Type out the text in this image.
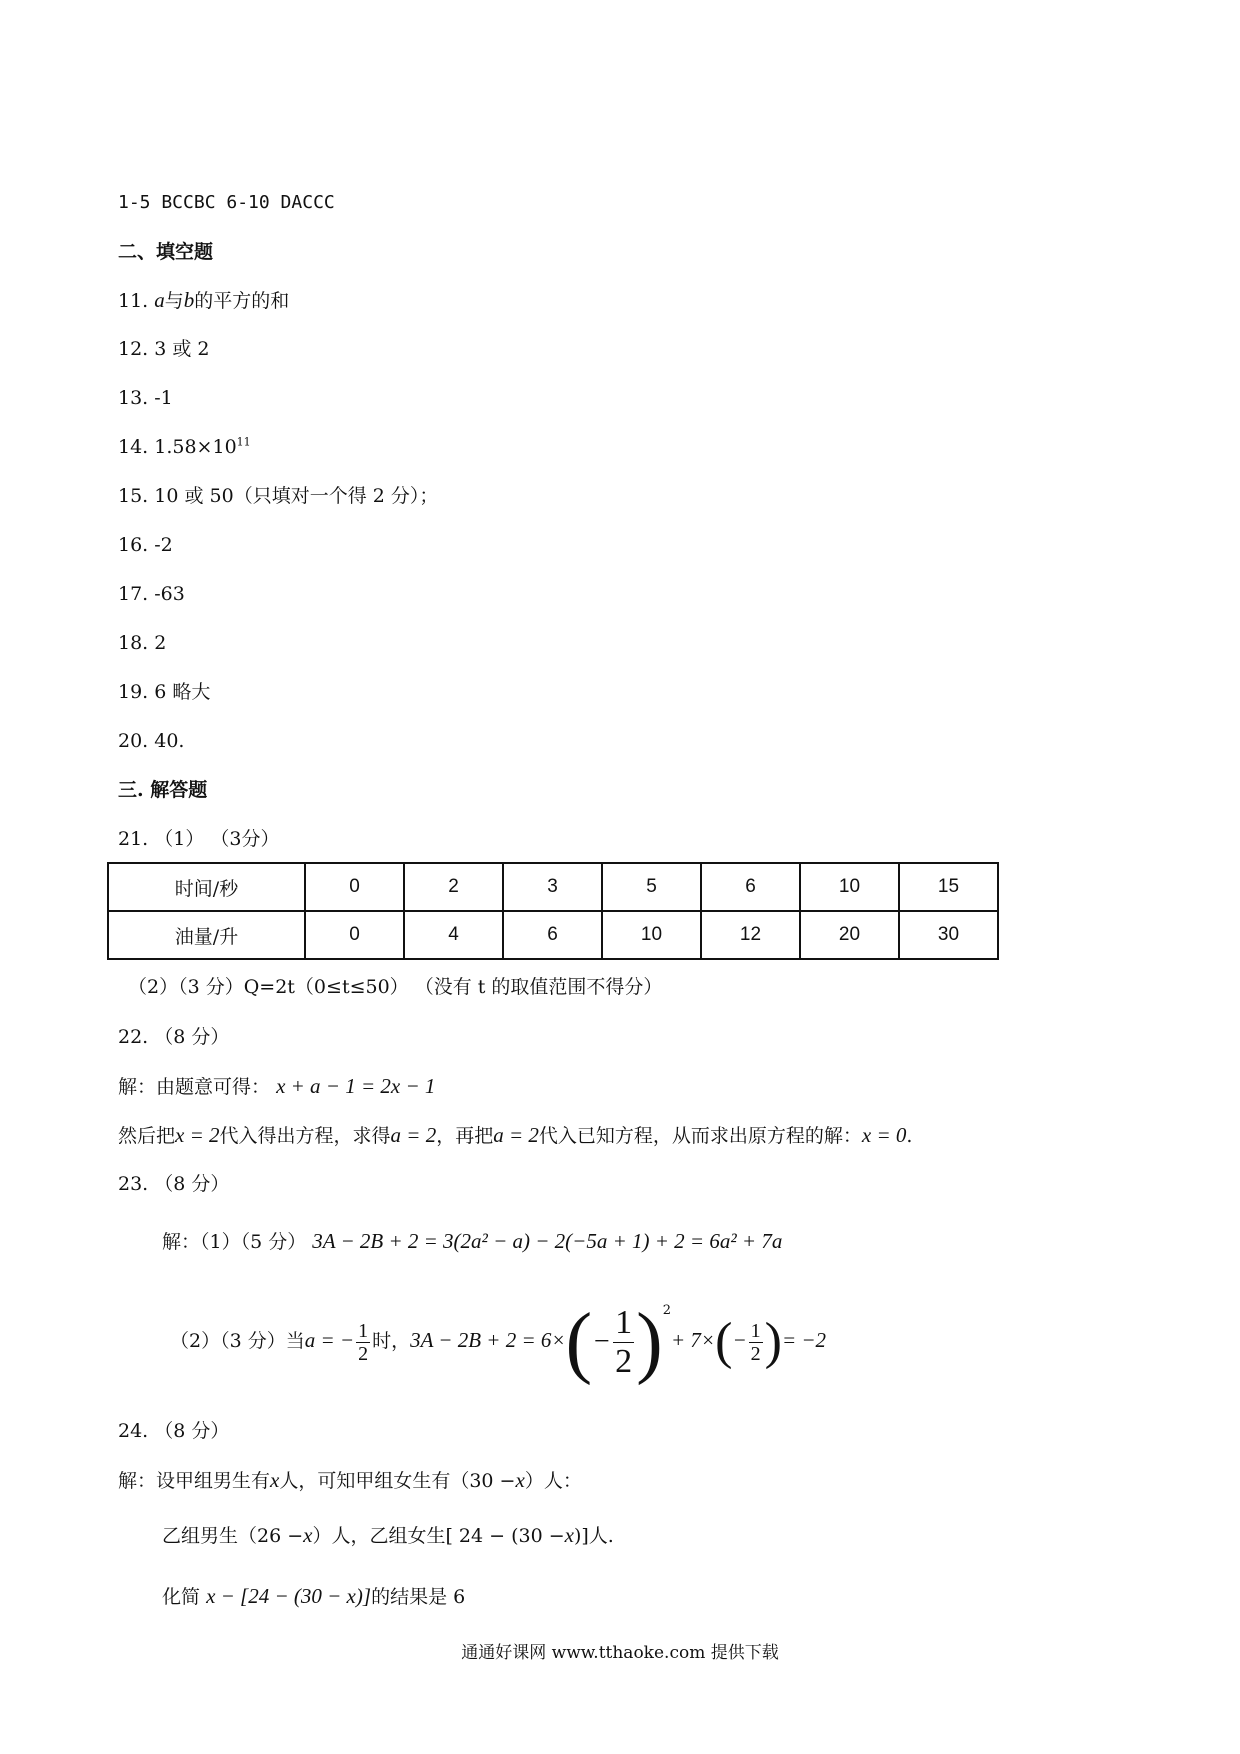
1-5 BCCBC 6-10 DACCC
二、填空题
11. a与b的平方的和
12. 3 或 2
13. -1
14. $1.58\times 10^{11}$
15. 10 或 50（只填对一个得 2 分）；
16. -2
17. -63
18. 2
19. 6 略大
20. 40.
三. 解答题
21. （1） （3分）
时间/秒	0	2	3	5	6	10	15
油量/升	0	4	6	10	12	20	30
（2）（3 分）Q=2t（0≤t≤50） （没有 t 的取值范围不得分）
22. （8 分）
解：由题意可得： x + a − 1 = 2x − 1
然后把x = 2代入得出方程，求得a = 2，再把a = 2代入已知方程，从而求出原方程的解：x = 0.
23. （8 分）
解：（1）（5 分） 3A − 2B + 2 = 3(2a² − a) − 2(−5a + 1) + 2 = 6a² + 7a
（2）（3 分）当a = − $\frac{1}{2}$ 时，$3A - 2B + 2 = 6\times(- \frac{1}{2} )^2+ 7\times(- \frac{1}{2}$ )= −2
24. （8 分）
解：设甲组男生有x人，可知甲组女生有（30 −x）人：
乙组男生（26 −x）人，乙组女生[ 24 − (30 −x)]人.
化简 x − [24 − (30 − x)]的结果是 6
通通好课网 www.tthaoke.com 提供下载
